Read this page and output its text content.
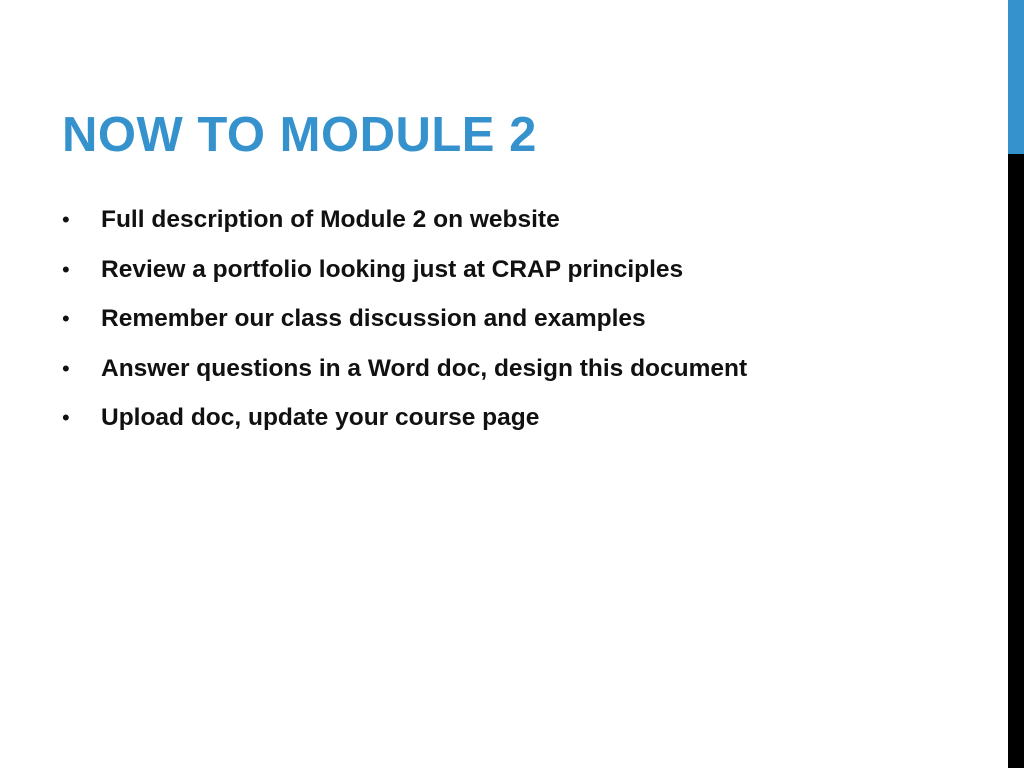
NOW TO MODULE 2
•	Full description of Module 2 on website
•	Review a portfolio looking just at CRAP principles
•	Remember our class discussion and examples
•	Answer questions in a Word doc, design this document
•	Upload doc, update your course page
